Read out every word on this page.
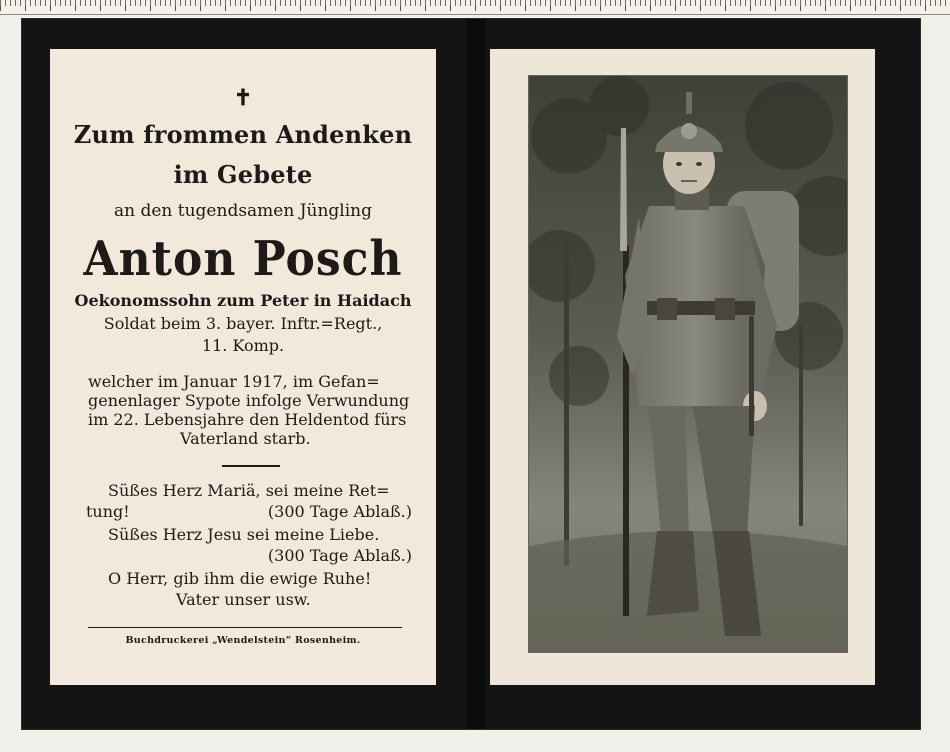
✝
Zum frommen Andenken
im Gebete
an den tugendsamen Jüngling
Anton Posch
Oekonomssohn zum Peter in Haidach
Soldat beim 3. bayer. Inftr.=Regt.,
11. Komp.
welcher im Januar 1917, im Gefan=
genenlager Sypote infolge Verwundung
im 22. Lebensjahre den Heldentod fürs
Vaterland starb.
Süßes Herz Mariä, sei meine Ret=
tung!	(300 Tage Ablaß.)
Süßes Herz Jesu sei meine Liebe.
(300 Tage Ablaß.)
O Herr, gib ihm die ewige Ruhe!
Vater unser usw.
Buchdruckerei „Wendelstein“ Rosenheim.
